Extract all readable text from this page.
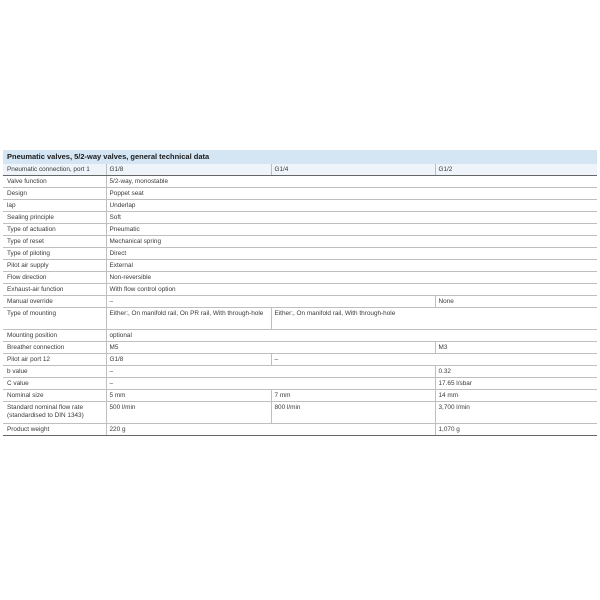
Pneumatic valves, 5/2-way valves, general technical data
Pneumatic connection, port 1	G1/8	G1/4	G1/2
Valve function	5/2-way, monostable		
Design	Poppet seat		
lap	Underlap		
Sealing principle	Soft		
Type of actuation	Pneumatic		
Type of reset	Mechanical spring		
Type of piloting	Direct		
Pilot air supply	External		
Flow direction	Non-reversible		
Exhaust-air function	With flow control option		
Manual override	–		None
Type of mounting	Either:, On manifold rail, On PR rail, With through-hole	Either:, On manifold rail, With through-hole	
Mounting position	optional		
Breather connection	M5		M3
Pilot air port 12	G1/8	–	
b value	–		0.32
C value	–		17.65 l/sbar
Nominal size	5 mm	7 mm	14 mm
Standard nominal flow rate (standardised to DIN 1343)	500 l/min	800 l/min	3,700 l/min
Product weight	220 g		1,070 g
